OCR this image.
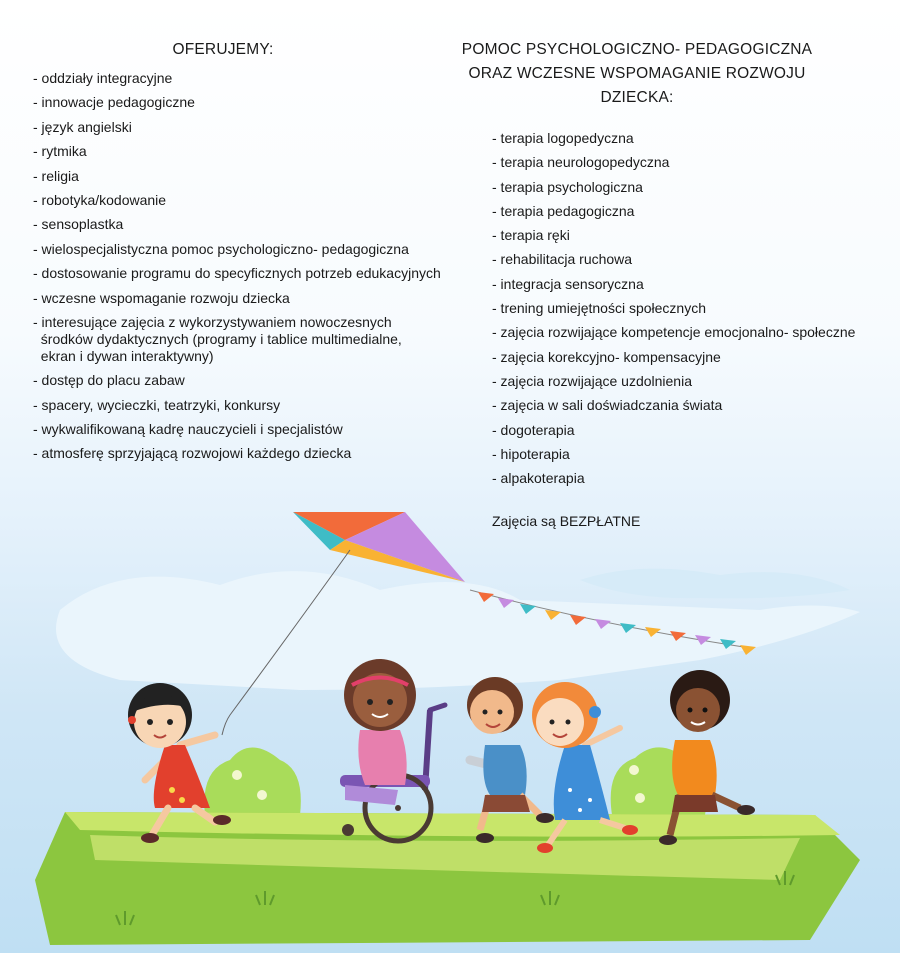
OFERUJEMY:
- oddziały integracyjne
- innowacje pedagogiczne
- język angielski
- rytmika
- religia
- robotyka/kodowanie
- sensoplastka
- wielospecjalistyczna pomoc psychologiczno- pedagogiczna
- dostosowanie programu do specyficznych potrzeb edukacyjnych
- wczesne wspomaganie rozwoju dziecka
- interesujące zajęcia z wykorzystywaniem nowoczesnych
środków dydaktycznych (programy i tablice multimedialne,
ekran i dywan interaktywny)
- dostęp do placu zabaw
- spacery, wycieczki, teatrzyki, konkursy
- wykwalifikowaną kadrę nauczycieli i specjalistów
- atmosferę sprzyjającą rozwojowi każdego dziecka
POMOC PSYCHOLOGICZNO- PEDAGOGICZNA
ORAZ WCZESNE WSPOMAGANIE ROZWOJU DZIECKA:
- terapia logopedyczna
- terapia neurologopedyczna
- terapia psychologiczna
- terapia pedagogiczna
- terapia ręki
- rehabilitacja ruchowa
- integracja sensoryczna
- trening umiejętności społecznych
- zajęcia rozwijające kompetencje emocjonalno- społeczne
- zajęcia korekcyjno- kompensacyjne
- zajęcia rozwijające uzdolnienia
- zajęcia w sali doświadczania świata
- dogoterapia
- hipoterapia
- alpakoterapia
Zajęcia są BEZPŁATNE
